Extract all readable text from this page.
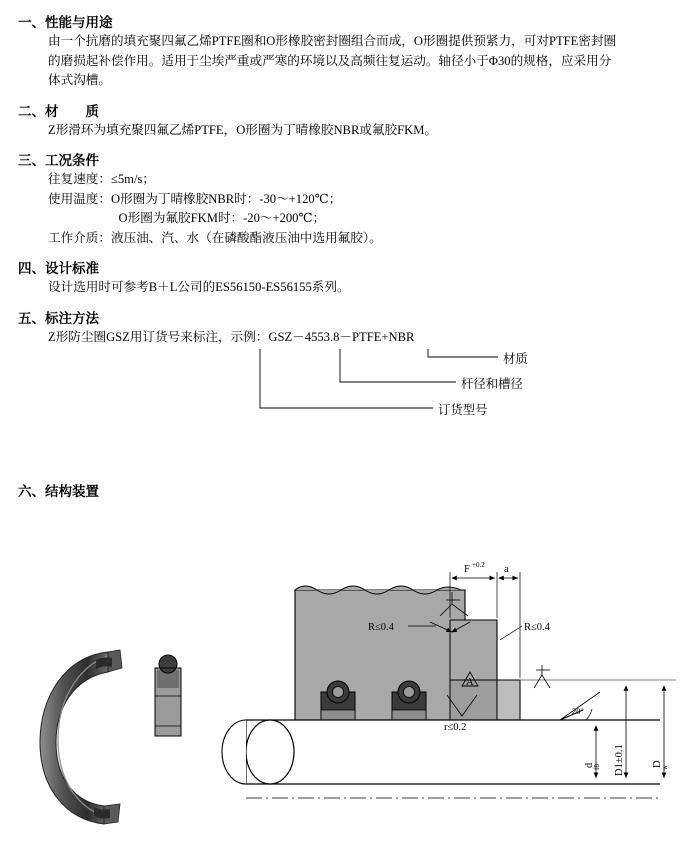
一、性能与用途

由一个抗磨的填充聚四氟乙烯PTFE圈和O形橡胶密封圈组合而成，O形圈提供预紧力，可对PTFE密封圈

的磨损起补偿作用。适用于尘埃严重或严寒的环境以及高频往复运动。轴径小于Φ30的规格，应采用分

体式沟槽。

二、材　　质

Z形滑环为填充聚四氟乙烯PTFE，O形圈为丁晴橡胶NBR或氟胶FKM。

三、工况条件

往复速度：≤5m/s；

使用温度：O形圈为丁晴橡胶NBR时：-30～+120℃；

O形圈为氟胶FKM时：-20～+200℃；

工作介质：液压油、汽、水（在磷酸酯液压油中选用氟胶）。

四、设计标准

设计选用时可参考B＋L公司的ES56150-ES56155系列。

五、标注方法

Z形防尘圈GSZ用订货号来标注，示例：GSZ－4553.8－PTFE+NBR

材质
杆径和槽径
订货型号
六、结构装置
F +0.2 a
R≤0.4	R≤0.4
A
r≤0.2
20°
d
f8 D1±0.1	D
w
